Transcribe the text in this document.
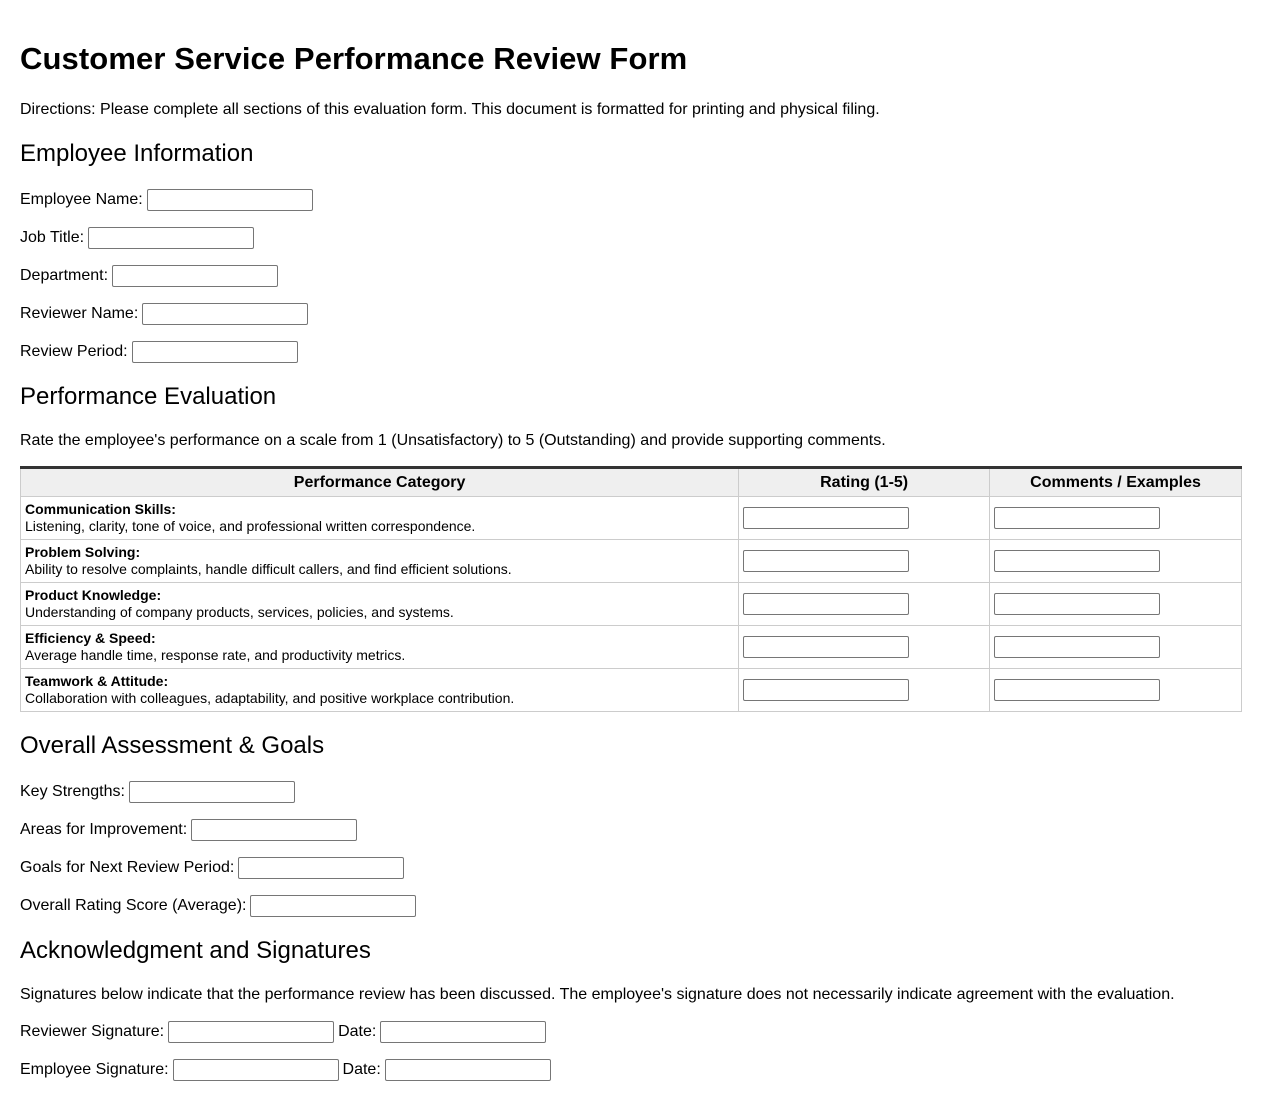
Customer Service Performance Review Form

Directions: Please complete all sections of this evaluation form. This document is formatted for printing and physical filing.

Employee Information
Employee Name:
Job Title:
Department:
Reviewer Name:
Review Period:
Performance Evaluation

Rate the employee's performance on a scale from 1 (Unsatisfactory) to 5 (Outstanding) and provide supporting comments.

Performance Category	Rating (1-5)	Comments / Examples

Communication Skills:
Listening, clarity, tone of voice, and professional written correspondence.

Problem Solving:
Ability to resolve complaints, handle difficult callers, and find efficient solutions.

Product Knowledge:
Understanding of company products, services, policies, and systems.

Efficiency & Speed:
Average handle time, response rate, and productivity metrics.

Teamwork & Attitude:
Collaboration with colleagues, adaptability, and positive workplace contribution.

Overall Assessment & Goals
Key Strengths:
Areas for Improvement:
Goals for Next Review Period:
Overall Rating Score (Average):
Acknowledgment and Signatures

Signatures below indicate that the performance review has been discussed. The employee's signature does not necessarily indicate agreement with the evaluation.

Reviewer Signature:	Date:
Employee Signature:	Date:
